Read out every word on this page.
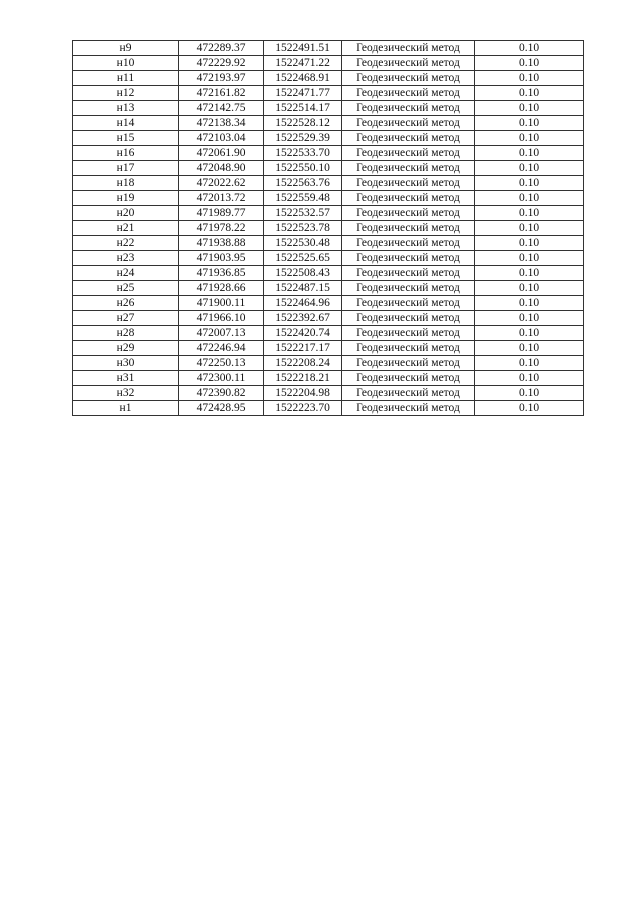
н9	472289.37	1522491.51	Геодезический метод	0.10
н10	472229.92	1522471.22	Геодезический метод	0.10
н11	472193.97	1522468.91	Геодезический метод	0.10
н12	472161.82	1522471.77	Геодезический метод	0.10
н13	472142.75	1522514.17	Геодезический метод	0.10
н14	472138.34	1522528.12	Геодезический метод	0.10
н15	472103.04	1522529.39	Геодезический метод	0.10
н16	472061.90	1522533.70	Геодезический метод	0.10
н17	472048.90	1522550.10	Геодезический метод	0.10
н18	472022.62	1522563.76	Геодезический метод	0.10
н19	472013.72	1522559.48	Геодезический метод	0.10
н20	471989.77	1522532.57	Геодезический метод	0.10
н21	471978.22	1522523.78	Геодезический метод	0.10
н22	471938.88	1522530.48	Геодезический метод	0.10
н23	471903.95	1522525.65	Геодезический метод	0.10
н24	471936.85	1522508.43	Геодезический метод	0.10
н25	471928.66	1522487.15	Геодезический метод	0.10
н26	471900.11	1522464.96	Геодезический метод	0.10
н27	471966.10	1522392.67	Геодезический метод	0.10
н28	472007.13	1522420.74	Геодезический метод	0.10
н29	472246.94	1522217.17	Геодезический метод	0.10
н30	472250.13	1522208.24	Геодезический метод	0.10
н31	472300.11	1522218.21	Геодезический метод	0.10
н32	472390.82	1522204.98	Геодезический метод	0.10
н1	472428.95	1522223.70	Геодезический метод	0.10
